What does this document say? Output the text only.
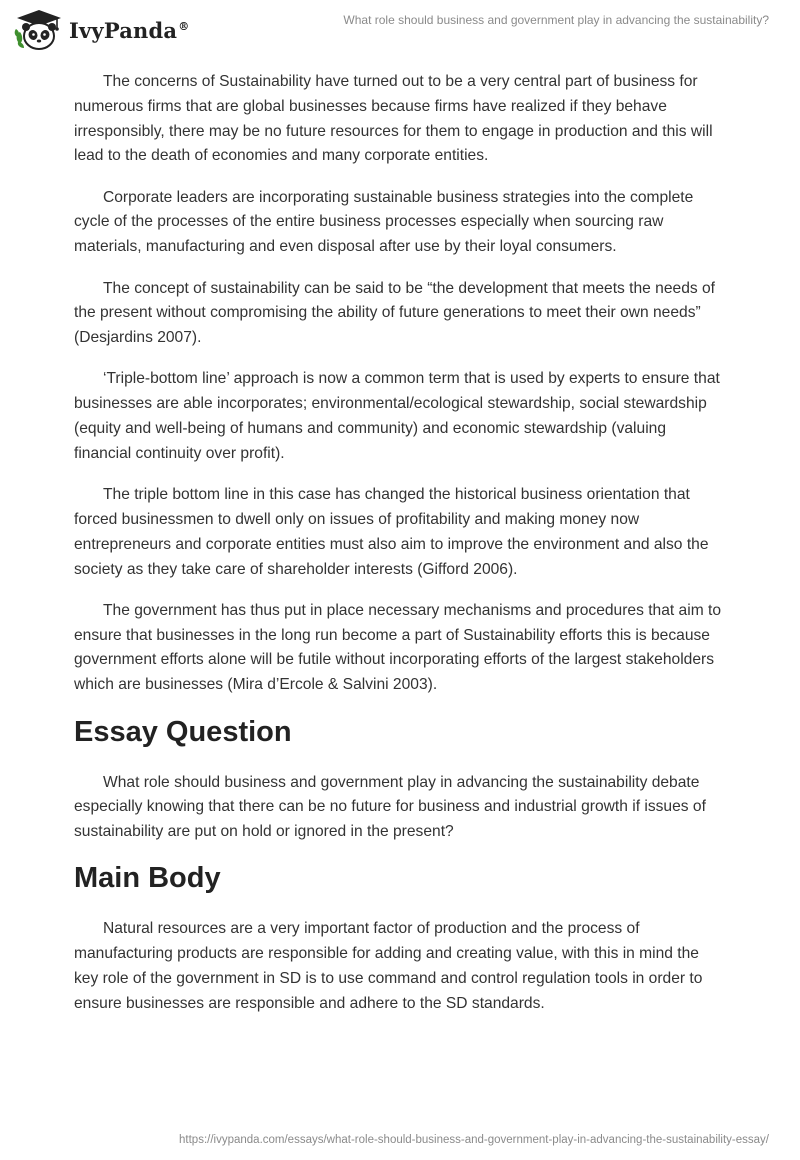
IvyPanda®	What role should business and government play in advancing the sustainability?

The concerns of Sustainability have turned out to be a very central part of business for numerous firms that are global businesses because firms have realized if they behave irresponsibly, there may be no future resources for them to engage in production and this will lead to the death of economies and many corporate entities.

Corporate leaders are incorporating sustainable business strategies into the complete cycle of the processes of the entire business processes especially when sourcing raw materials, manufacturing and even disposal after use by their loyal consumers.

The concept of sustainability can be said to be “the development that meets the needs of the present without compromising the ability of future generations to meet their own needs” (Desjardins 2007).

‘Triple-bottom line’ approach is now a common term that is used by experts to ensure that businesses are able incorporates; environmental/ecological stewardship, social stewardship (equity and well-being of humans and community) and economic stewardship (valuing financial continuity over profit).

The triple bottom line in this case has changed the historical business orientation that forced businessmen to dwell only on issues of profitability and making money now entrepreneurs and corporate entities must also aim to improve the environment and also the society as they take care of shareholder interests (Gifford 2006).

The government has thus put in place necessary mechanisms and procedures that aim to ensure that businesses in the long run become a part of Sustainability efforts this is because government efforts alone will be futile without incorporating efforts of the largest stakeholders which are businesses (Mira d’Ercole & Salvini 2003).

Essay Question

What role should business and government play in advancing the sustainability debate especially knowing that there can be no future for business and industrial growth if issues of sustainability are put on hold or ignored in the present?

Main Body

Natural resources are a very important factor of production and the process of manufacturing products are responsible for adding and creating value, with this in mind the key role of the government in SD is to use command and control regulation tools in order to ensure businesses are responsible and adhere to the SD standards.

https://ivypanda.com/essays/what-role-should-business-and-government-play-in-advancing-the-sustainability-essay/
